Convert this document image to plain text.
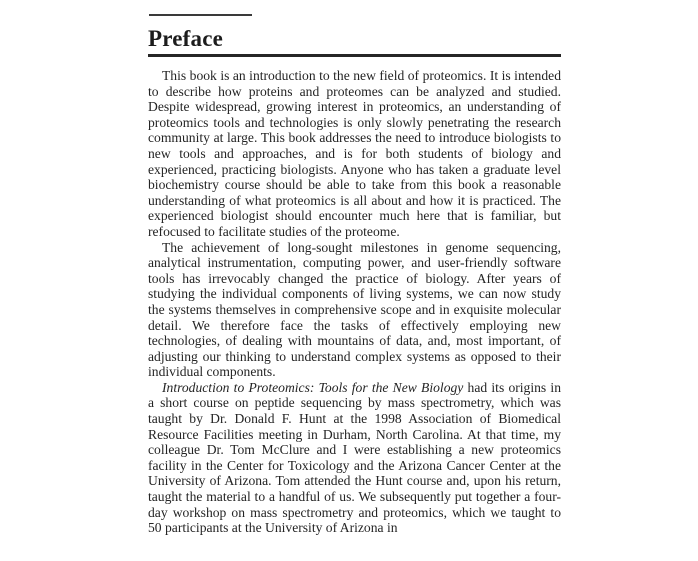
Preface

This book is an introduction to the new field of proteomics. It is intended to describe how proteins and proteomes can be analyzed and studied. Despite widespread, growing interest in proteomics, an understanding of proteomics tools and technologies is only slowly penetrating the research community at large. This book addresses the need to introduce biologists to new tools and approaches, and is for both students of biology and experienced, practicing biologists. Anyone who has taken a graduate level biochemistry course should be able to take from this book a reasonable understanding of what proteomics is all about and how it is practiced. The experienced biologist should encounter much here that is familiar, but refocused to facilitate studies of the proteome.

The achievement of long-sought milestones in genome sequencing, analytical instrumentation, computing power, and user-friendly software tools has irrevocably changed the practice of biology. After years of studying the individual components of living systems, we can now study the systems themselves in comprehensive scope and in exquisite molecular detail. We therefore face the tasks of effectively employing new technologies, of dealing with mountains of data, and, most important, of adjusting our thinking to understand complex systems as opposed to their individual components.

Introduction to Proteomics: Tools for the New Biology had its origins in a short course on peptide sequencing by mass spectrometry, which was taught by Dr. Donald F. Hunt at the 1998 Association of Biomedical Resource Facilities meeting in Durham, North Carolina. At that time, my colleague Dr. Tom McClure and I were establishing a new proteomics facility in the Center for Toxicology and the Arizona Cancer Center at the University of Arizona. Tom attended the Hunt course and, upon his return, taught the material to a handful of us. We subsequently put together a four-day workshop on mass spectrometry and proteomics, which we taught to 50 participants at the University of Arizona in
